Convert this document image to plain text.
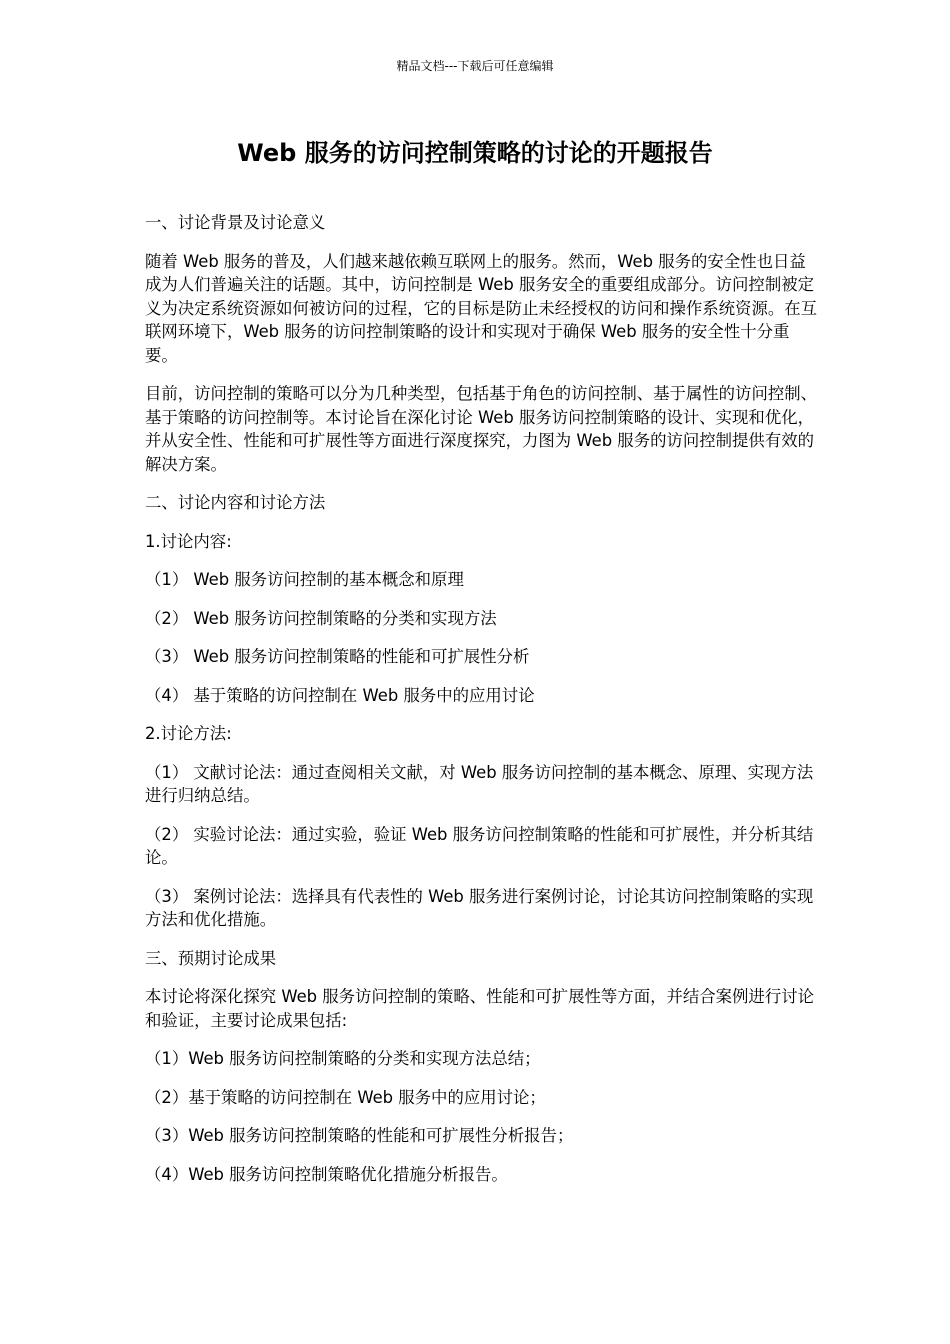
精品文档---下载后可任意编辑
Web 服务的访问控制策略的讨论的开题报告

一、讨论背景及讨论意义

随着 Web 服务的普及，人们越来越依赖互联网上的服务。然而，Web 服务的安全性也日益成为人们普遍关注的话题。其中，访问控制是 Web 服务安全的重要组成部分。访问控制被定义为决定系统资源如何被访问的过程，它的目标是防止未经授权的访问和操作系统资源。在互联网环境下，Web 服务的访问控制策略的设计和实现对于确保 Web 服务的安全性十分重要。

目前，访问控制的策略可以分为几种类型，包括基于角色的访问控制、基于属性的访问控制、基于策略的访问控制等。本讨论旨在深化讨论 Web 服务访问控制策略的设计、实现和优化，并从安全性、性能和可扩展性等方面进行深度探究，力图为 Web 服务的访问控制提供有效的解决方案。

二、讨论内容和讨论方法

1.讨论内容:

（1） Web 服务访问控制的基本概念和原理

（2） Web 服务访问控制策略的分类和实现方法

（3） Web 服务访问控制策略的性能和可扩展性分析

（4） 基于策略的访问控制在 Web 服务中的应用讨论

2.讨论方法:

（1） 文献讨论法：通过查阅相关文献，对 Web 服务访问控制的基本概念、原理、实现方法进行归纳总结。

（2） 实验讨论法：通过实验，验证 Web 服务访问控制策略的性能和可扩展性，并分析其结论。

（3） 案例讨论法：选择具有代表性的 Web 服务进行案例讨论，讨论其访问控制策略的实现方法和优化措施。

三、预期讨论成果

本讨论将深化探究 Web 服务访问控制的策略、性能和可扩展性等方面，并结合案例进行讨论和验证，主要讨论成果包括:

（1）Web 服务访问控制策略的分类和实现方法总结；

（2）基于策略的访问控制在 Web 服务中的应用讨论；

（3）Web 服务访问控制策略的性能和可扩展性分析报告；

（4）Web 服务访问控制策略优化措施分析报告。
